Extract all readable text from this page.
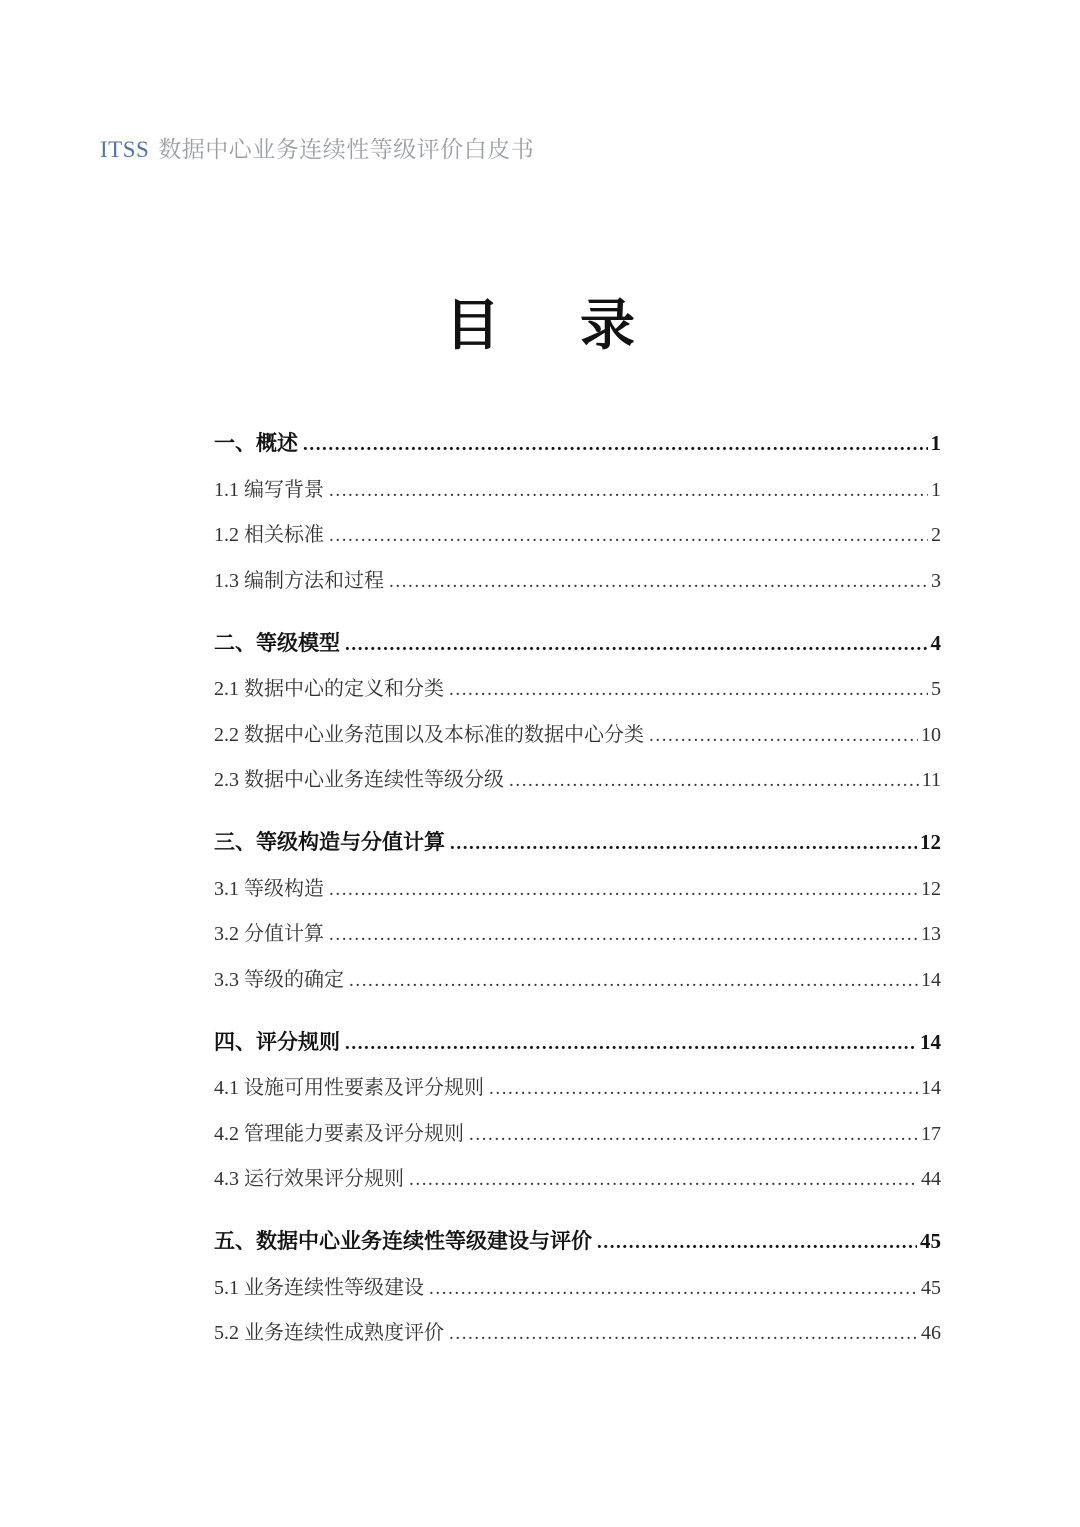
ITSS 数据中心业务连续性等级评价白皮书
目 录
一、概述 .....	1
1.1 编写背景 .....	1
1.2 相关标准 .....	2
1.3 编制方法和过程 .....	3
二、等级模型 .....	4
2.1 数据中心的定义和分类 .....	5
2.2 数据中心业务范围以及本标准的数据中心分类 .....	10
2.3 数据中心业务连续性等级分级 .....	11
三、等级构造与分值计算 .....	12
3.1 等级构造 .....	12
3.2 分值计算 .....	13
3.3 等级的确定 .....	14
四、评分规则 .....	14
4.1 设施可用性要素及评分规则 .....	14
4.2 管理能力要素及评分规则 .....	17
4.3 运行效果评分规则 .....	44
五、数据中心业务连续性等级建设与评价 .....	45
5.1 业务连续性等级建设 .....	45
5.2 业务连续性成熟度评价 .....	46
